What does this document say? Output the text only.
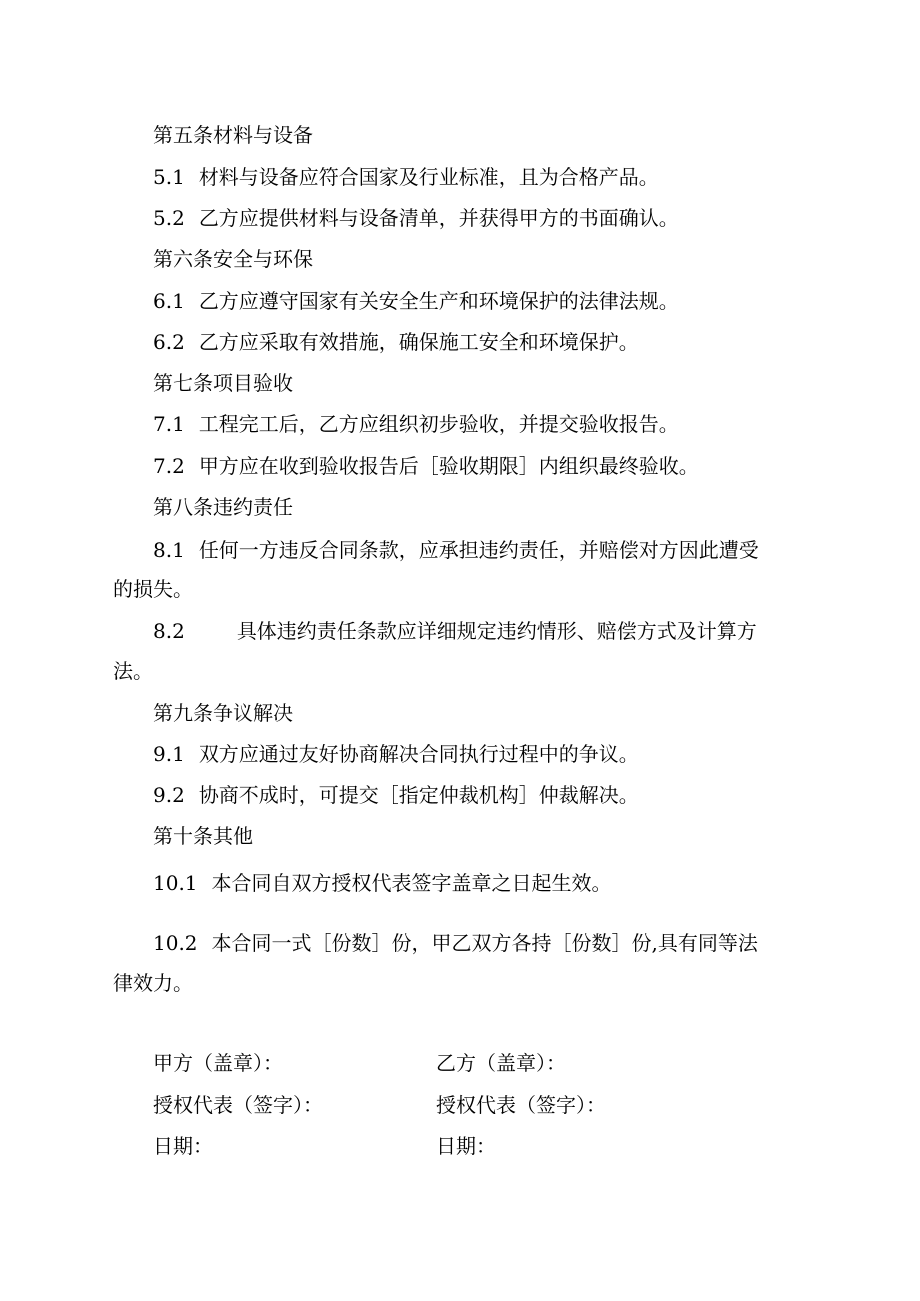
第五条材料与设备
5.1 材料与设备应符合国家及行业标准，且为合格产品。
5.2 乙方应提供材料与设备清单，并获得甲方的书面确认。
第六条安全与环保
6.1 乙方应遵守国家有关安全生产和环境保护的法律法规。
6.2 乙方应采取有效措施，确保施工安全和环境保护。
第七条项目验收
7.1 工程完工后，乙方应组织初步验收，并提交验收报告。
7.2 甲方应在收到验收报告后［验收期限］内组织最终验收。
第八条违约责任
8.1 任何一方违反合同条款，应承担违约责任，并赔偿对方因此遭受
的损失。
8.2	具体违约责任条款应详细规定违约情形、赔偿方式及计算方
法。
第九条争议解决
9.1 双方应通过友好协商解决合同执行过程中的争议。
9.2 协商不成时，可提交［指定仲裁机构］仲裁解决。
第十条其他
10.1 本合同自双方授权代表签字盖章之日起生效。
10.2 本合同一式［份数］份，甲乙双方各持［份数］份,具有同等法
律效力。
甲方（盖章）：	乙方（盖章）：
授权代表（签字）：	授权代表（签字）：
日期：	日期：
